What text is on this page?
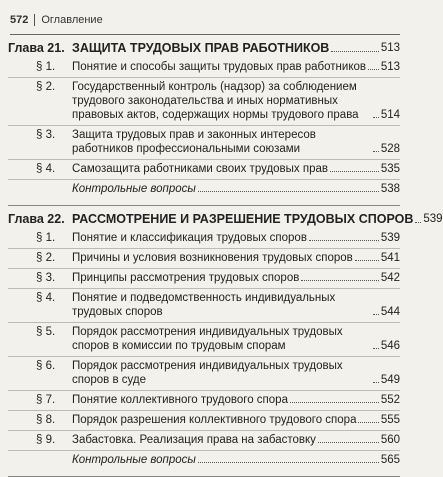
572 Оглавление
Глава 21. ЗАЩИТА ТРУДОВЫХ ПРАВ РАБОТНИКОВ	513
§ 1.	Понятие и способы защиты трудовых прав работников 513
§ 2.	Государственный контроль (надзор) за соблюдением трудового законодательства и иных нормативных правовых актов, содержащих нормы трудового права	514
§ 3.	Защита трудовых прав и законных интересов работников профессиональными союзами	528
§ 4.	Самозащита работниками своих трудовых прав	535
Контрольные вопросы	538
Глава 22. РАССМОТРЕНИЕ И РАЗРЕШЕНИЕ ТРУДОВЫХ СПОРОВ 539
§ 1.	Понятие и классификация трудовых споров	539
§ 2.	Причины и условия возникновения трудовых споров 541
§ 3.	Принципы рассмотрения трудовых споров	542
§ 4.	Понятие и подведомственность индивидуальных трудовых споров	544
§ 5.	Порядок рассмотрения индивидуальных трудовых споров в комиссии по трудовым спорам	546
§ 6.	Порядок рассмотрения индивидуальных трудовых споров в суде	549
§ 7.	Понятие коллективного трудового спора	552
§ 8.	Порядок разрешения коллективного трудового спора 555
§ 9.	Забастовка. Реализация права на забастовку	560
Контрольные вопросы	565
